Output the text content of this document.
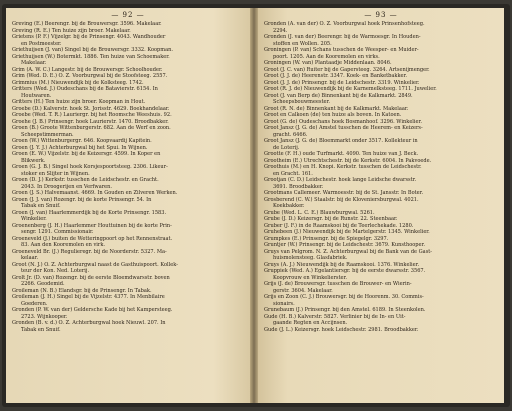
— 92 —
Greving (E.) Beerengr. bij de Brouwersgr. 3596. Makelaar.
Greving (R. E.) Ten huize zijn broer. Makelaar.
Grietens (P. F.) Vijzelgr. bij de Prinsengr. 4043. Wandhouder
en Postmeester.
Griethuijsen (J. van) Singel bij de Brouwersgr. 3332. Koopman.
Griethuijsen (W.) Botermkt. 1886. Ten huize van Schoemaker.
Makelaar.
Grim (A. W. C.) Langestr. bij de Brouwersgr. Schoolhouder.
Grim (Wed. D. E.) O. Z. Voorburgwal bij de Stoofsteeg. 2557.
Grimmius (M.) Nieuwendijk bij de Kolksteeg. 1742.
Gritters (Wed. J.) Oudeschans bij de Batavierstr. 6154. In
Houtwaren.
Gritters (H.) Ten huize zijn broer. Koopman in Hout.
Groebe (D.) Kalverstr. hoek St. Jorisstr. 4629. Boekhandelaar.
Groebe (Wed. T. R.) Lauriergr. bij het Roomsche Weeshuis. 92.
Groehe (J. B.) Prinsengr. hoek Laurierstr. 1470. Broodbakker.
Groen (B.) Groote Wittenburgerstr. 682. Aan de Werf en zoon.
Scheepstimmerman.
Groen (W.) Wittenburgergr. 646. Koopvaardij Kapitein.
Groen (J. Y. J.) Achterburgwal bij het Spui. In Wijnen.
Groen (E. W.) Vijzelstr. bij de Keizersgr. 4599. In Koper en
Blikwerk.
Groen (G. J. B.) Singel hoek Korsjespoortsteeg. 2306. Likeur-
stoker en Slijter in Wijnen.
Groen (D. J.) Kerkstr. tusschen de Leidschestr. en Gracht.
2043. In Droogerijen en Verfwaren.
Groen (J. S.) Halvemaanst. 4669. In Gouden en Zilveren Werken.
Groen (J. J. van) Rozengr. bij de korte Prinsengr. 54. In
Tabak en Snuif.
Groen (J. van) Haarlemmerdijk bij de Korte Prinsengr. 1583.
Winkelier.
Groenenberg (J. H.) Haarlemmer Houttuinen bij de korte Prin-
sengr. 1291. Commissionair.
Groeneveld (J.) buiten de Wetteringpoort op het Rennenstraat.
83. Aan den Kooremolen en virk.
Groeneveld Br. (J.) Regulieregr. bij de Noorderstr. 5327. Ma-
kelaar.
Groot (N. J.) O. Z. Achterburgwal naast de Gasthuispoort. Kollek-
teur der Kon. Ned. Loterij.
Grolt Jr. (D. van) Rozengr. bij de eerste Bloemdwarsstr. boven
2266. Geodemid.
Groileman (N. B.) Elandsgr. bij de Prinsengr. In Tabak.
Groileman (J. H.) Singel bij de Vijzelstr. 4377. In Menbilaire
Goederen.
Gronden (P. W. van der) Geldersche Kade bij het Kampersteeg.
2723. Wijnkooper.
Gronden (B. v. d.) O. Z. Achterburgwal hoek Nieuwl. 207. In
Tabak en Snuif.
— 93 —
Gronden (A. van der) O. Z. Voorburgwal hoek Prinsenhofsteeg.
2294.
Gronden (J. van der) Beerengr. bij de Warmoesgr. In Houden-
stoffen en Wollen. 205.
Groningen (P. van) Schans tusschen de Weesper- en Muider-
poort. 1205. Aan de Kooremolen en virks.
Groningen (W. van) Plantaadje Middenlaan. 8046.
Groot (J. C. van) Ruiter bij de Gapersteeg. 3264. Artsenijmenger.
Groot (J. J. de) Heerenstr. 3347. Koek- en Banketbakker.
Groot (J. J. de) Prinsengr. bij de Leidschestr. 3319. Winkelier.
Groot (R. J. de) Nieuwendijk bij de Karnemelksteeg. 1711. Juwelier.
Groot (J. van Berp de) Binnenkant bij de Kalkmarkt. 2849.
Scheepsbouwmeester.
Groot (R. N. de) Binnenkant bij de Kalkmarkt. Makelaar.
Groot en Calkoen (de) ten huize als boven. In Katoen.
Groot (G. de) Oudeschans hoek Bosmanhoof. 3296. Winkelier.
Groot Jansz (J. G. de) Amstel tusschen de Heerem- en Keizers-
gracht. 6466.
Groot Jansz (J. G. de) Bloemmarkt onder 3517. Kollekteur in
de Loterij.
Grootte (F. H.) oude Turfmarkt. 4090. Ten huize van J. Beck.
Grootheim (E.) Utrechtschestr. bij de Kerkstr. 6004. In Pakvoede.
Groothuis (M.) en H. Knopi. Kerkstr. tusschen de Leidschestr.
en Gracht. 161.
Grootjan (C. D.) Leidschestr. hoek lange Leidsche dwarsstr.
3691. Broodbakker.
Grootmans Callemeer. Warmoesstr. bij de St. Jansstr. In Boter.
Grosberend (C. W.) Staalstr. bij de Kloveniersburgwal. 4021.
Koekbakker.
Grube (Wed. L. C. E.) Blauwburgwal. 5261.
Grube (J. D.) Keizersgr. bij de Runstr. 22. Steenbaar.
Gruber (J. F.) in de Raamskooi bij de Teerlechekade. 1280.
Gruhebeen (J.) Nieuwendijk bij de Martelgerstr. 1345. Winkelier.
Grumpkes (E.) Prinsengr. bij de Spiegelgr. 3297.
Gruntjer (W.) Prinsengr. bij de Leidschestr. 3679. Kunsthooper.
Gruys van Pelgrom. N. Z. Achterburgwal bij de Bank van de Gast-
huismolensteeg. Glasfabriek.
Gruys (A. J.) Nieuwendijk bij de Raamskooi. 1376. Winkelier.
Gruppiek (Wed. A.) Egelantiersgr. bij de eerste dwarsstr. 3567.
Koopvrouw en Winkelierster.
Grijs (J. de) Brouwersgr. tusschen de Brouwer- en Wierin-
gerstr. 3604. Makelaar.
Grijs en Zoon (C. J.) Brouwersgr. bij de Hoorenm. 30. Commis-
sionairs.
Grunebaum (J.) Prinsengr. bij den Amstel. 6189. In Steenkolen.
Gude (H. B.) Kalverstr. 5827. Verlinier bij de In- en Uit-
gaande Regten en Accijnsen.
Gude (J. L.) Keizersgr. hoek Leidschestr. 2981. Broodbakker.
